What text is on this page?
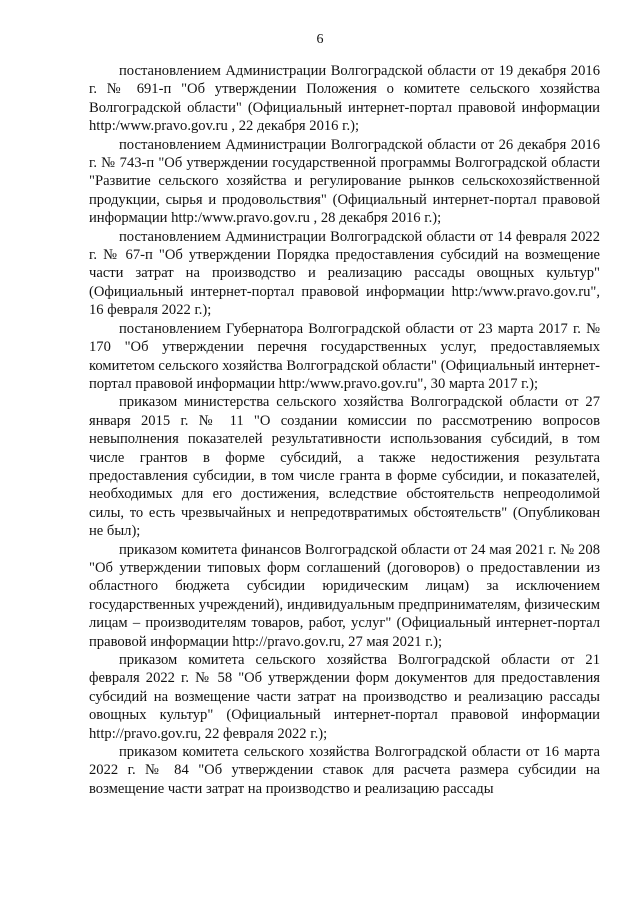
6

постановлением Администрации Волгоградской области от 19 декабря 2016 г. № 691-п "Об утверждении Положения о комитете сельского хозяйства Волгоградской области" (Официальный интернет-портал правовой информации http:/www.pravo.gov.ru , 22 декабря 2016 г.);

постановлением Администрации Волгоградской области от 26 декабря 2016 г. № 743-п "Об утверждении государственной программы Волгоградской области "Развитие сельского хозяйства и регулирование рынков сельскохозяйственной продукции, сырья и продовольствия" (Официальный интернет-портал правовой информации http:/www.pravo.gov.ru , 28 декабря 2016 г.);

постановлением Администрации Волгоградской области от 14 февраля 2022 г. № 67-п "Об утверждении Порядка предоставления субсидий на возмещение части затрат на производство и реализацию рассады овощных культур" (Официальный интернет-портал правовой информации http:/www.pravo.gov.ru", 16 февраля 2022 г.);

постановлением Губернатора Волгоградской области от 23 марта 2017 г. № 170 "Об утверждении перечня государственных услуг, предоставляемых комитетом сельского хозяйства Волгоградской области" (Официальный интернет-портал правовой информации http:/www.pravo.gov.ru", 30 марта 2017 г.);

приказом министерства сельского хозяйства Волгоградской области от 27 января 2015 г. № 11 "О создании комиссии по рассмотрению вопросов невыполнения показателей результативности использования субсидий, в том числе грантов в форме субсидий, а также недостижения результата предоставления субсидии, в том числе гранта в форме субсидии, и показателей, необходимых для его достижения, вследствие обстоятельств непреодолимой силы, то есть чрезвычайных и непредотвратимых обстоятельств" (Опубликован не был);

приказом комитета финансов Волгоградской области от 24 мая 2021 г. № 208 "Об утверждении типовых форм соглашений (договоров) о предоставлении из областного бюджета субсидии юридическим лицам) за исключением государственных учреждений), индивидуальным предпринимателям, физическим лицам – производителям товаров, работ, услуг" (Официальный интернет-портал правовой информации http://pravo.gov.ru, 27 мая 2021 г.);

приказом комитета сельского хозяйства Волгоградской области от 21 февраля 2022 г. № 58 "Об утверждении форм документов для предоставления субсидий на возмещение части затрат на производство и реализацию рассады овощных культур" (Официальный интернет-портал правовой информации http://pravo.gov.ru, 22 февраля 2022 г.);

приказом комитета сельского хозяйства Волгоградской области от 16 марта 2022 г. № 84 "Об утверждении ставок для расчета размера субсидии на возмещение части затрат на производство и реализацию рассады
